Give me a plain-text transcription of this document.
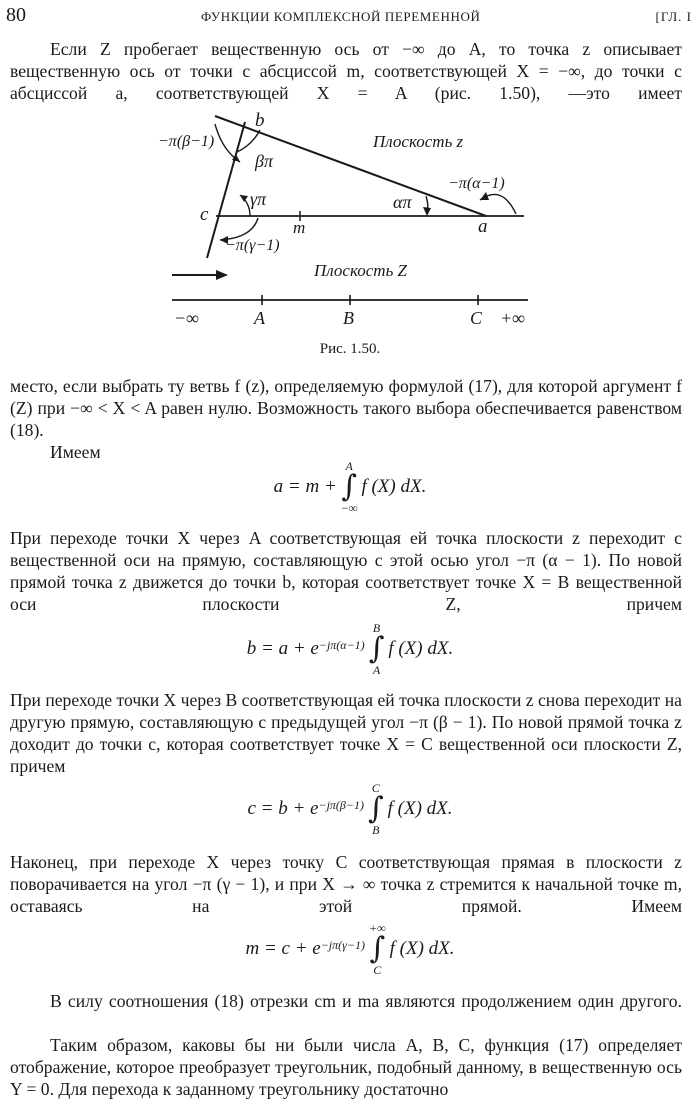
80	ФУНКЦИИ КОМПЛЕКСНОЙ ПЕРЕМЕННОЙ	[ГЛ. I

Если Z пробегает вещественную ось от −∞ до A, то точка z описывает вещественную ось от точки с абсциссой m, соответствующей X = −∞, до точки с абсциссой a, соответствующей X = A (рис. 1.50), —это имеет

b
c
a
m
βπ
γπ	απ
−π(β−1)
−π(γ−1)
−π(α−1)
Плоскость z
Плоскость Z
−∞	A	B	C +∞
Рис. 1.50.

место, если выбрать ту ветвь f (z), определяемую формулой (17), для которой аргумент f (Z) при −∞ < X < A равен нулю. Возможность такого выбора обеспечивается равенством (18).

Имеем

a = m +
A
∫
−∞
f (X) dX.

При переходе точки X через A соответствующая ей точка плоскости z переходит с вещественной оси на прямую, составляющую с этой осью угол −π (α − 1). По новой прямой точка z движется до точки b, которая соответствует точке X = B вещественной оси плоскости Z, причем

$b = a + e^{-j\pi(\alpha-1)}$
B
∫
A
f (X) dX.

При переходе точки X через B соответствующая ей точка плоскости z снова переходит на другую прямую, составляющую с предыдущей угол −π (β − 1). По новой прямой точка z доходит до точки c, которая соответствует точке X = C вещественной оси плоскости Z, причем

$c = b + e^{-j\pi(\beta-1)}$
C
∫
B
f (X) dX.

Наконец, при переходе X через точку C соответствующая прямая в плоскости z поворачивается на угол −π (γ − 1), и при X → ∞ точка z стремится к начальной точке m, оставаясь на этой прямой. Имеем

$m = c + e^{-j\pi(\gamma-1)}$
+∞
∫
C
f (X) dX.

В силу соотношения (18) отрезки cm и ma являются продолжением один другого.

Таким образом, каковы бы ни были числа A, B, C, функция (17) определяет отображение, которое преобразует треугольник, подобный данному, в вещественную ось Y = 0. Для перехода к заданному треугольнику достаточно
